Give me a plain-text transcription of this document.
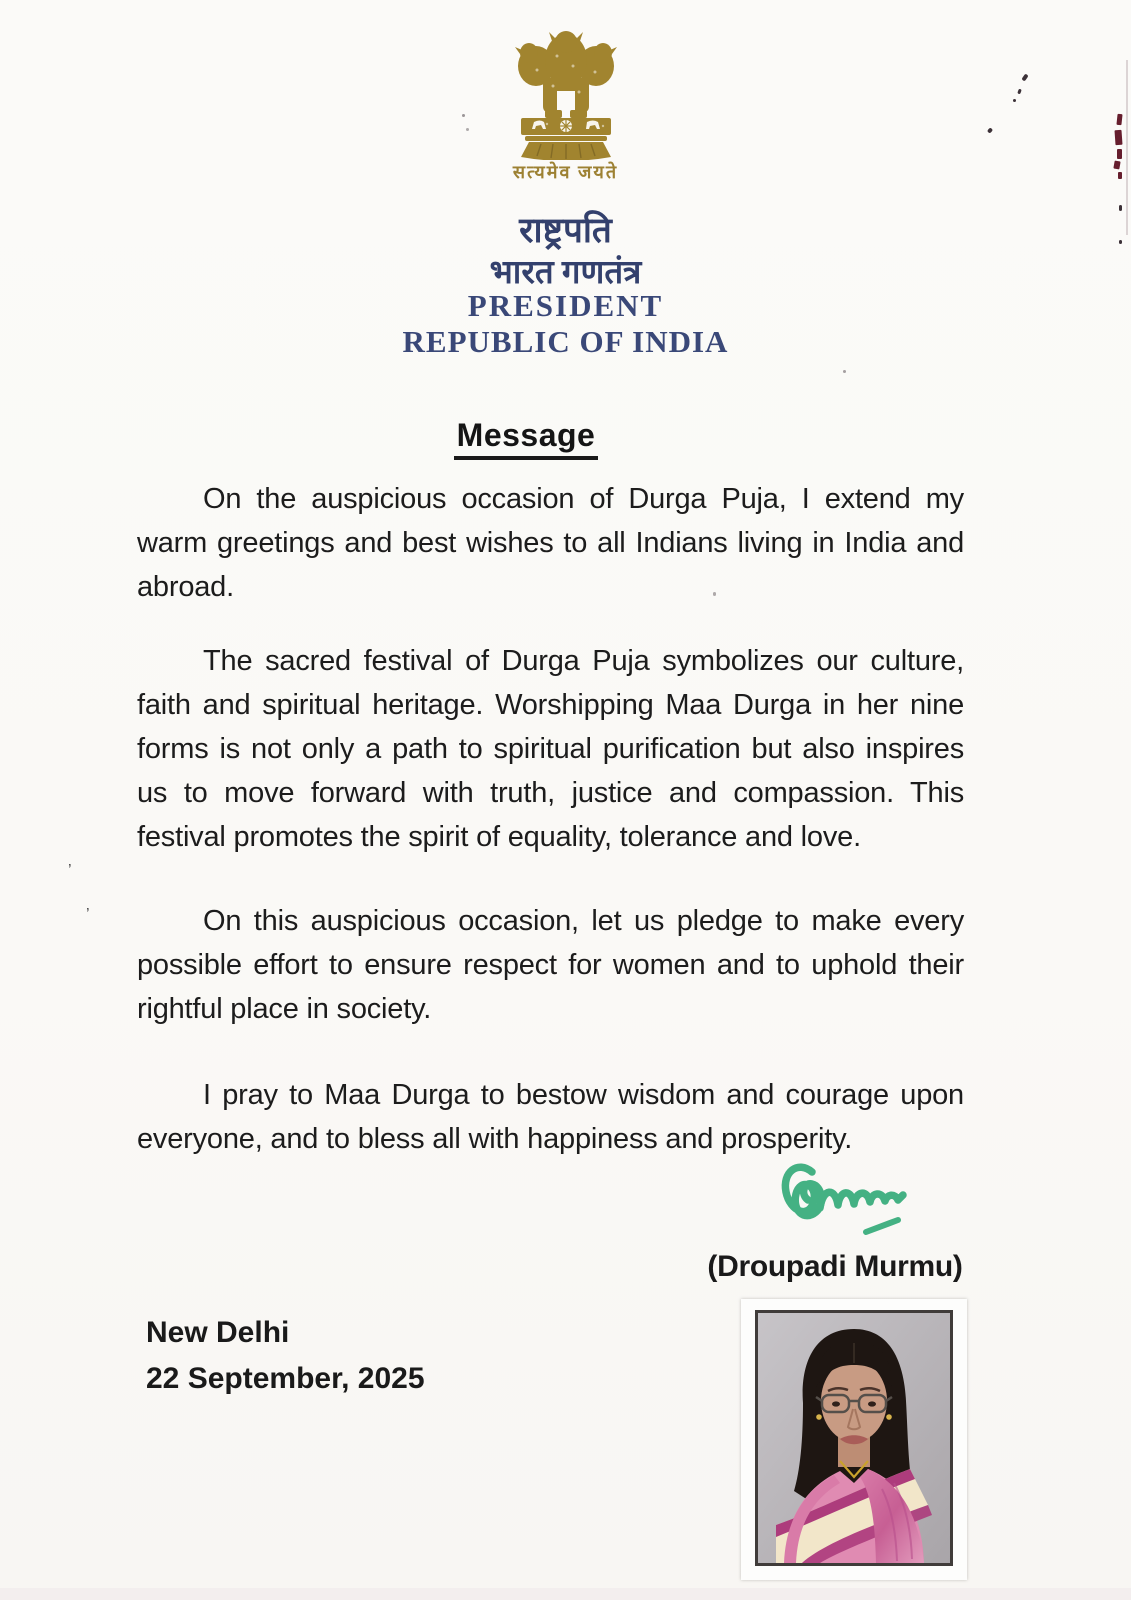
सत्यमेव जयते
राष्ट्रपति
भारत गणतंत्र
PRESIDENT
REPUBLIC OF INDIA
Message

On the auspicious occasion of Durga Puja, I extend my warm greetings and best wishes to all Indians living in India and abroad.

The sacred festival of Durga Puja symbolizes our culture, faith and spiritual heritage. Worshipping Maa Durga in her nine forms is not only a path to spiritual purification but also inspires us to move forward with truth, justice and compassion. This festival promotes the spirit of equality, tolerance and love.

On this auspicious occasion, let us pledge to make every possible effort to ensure respect for women and to uphold their rightful place in society.

I pray to Maa Durga to bestow wisdom and courage upon everyone, and to bless all with happiness and prosperity.

(Droupadi Murmu)
New Delhi
22 September, 2025
’
’
